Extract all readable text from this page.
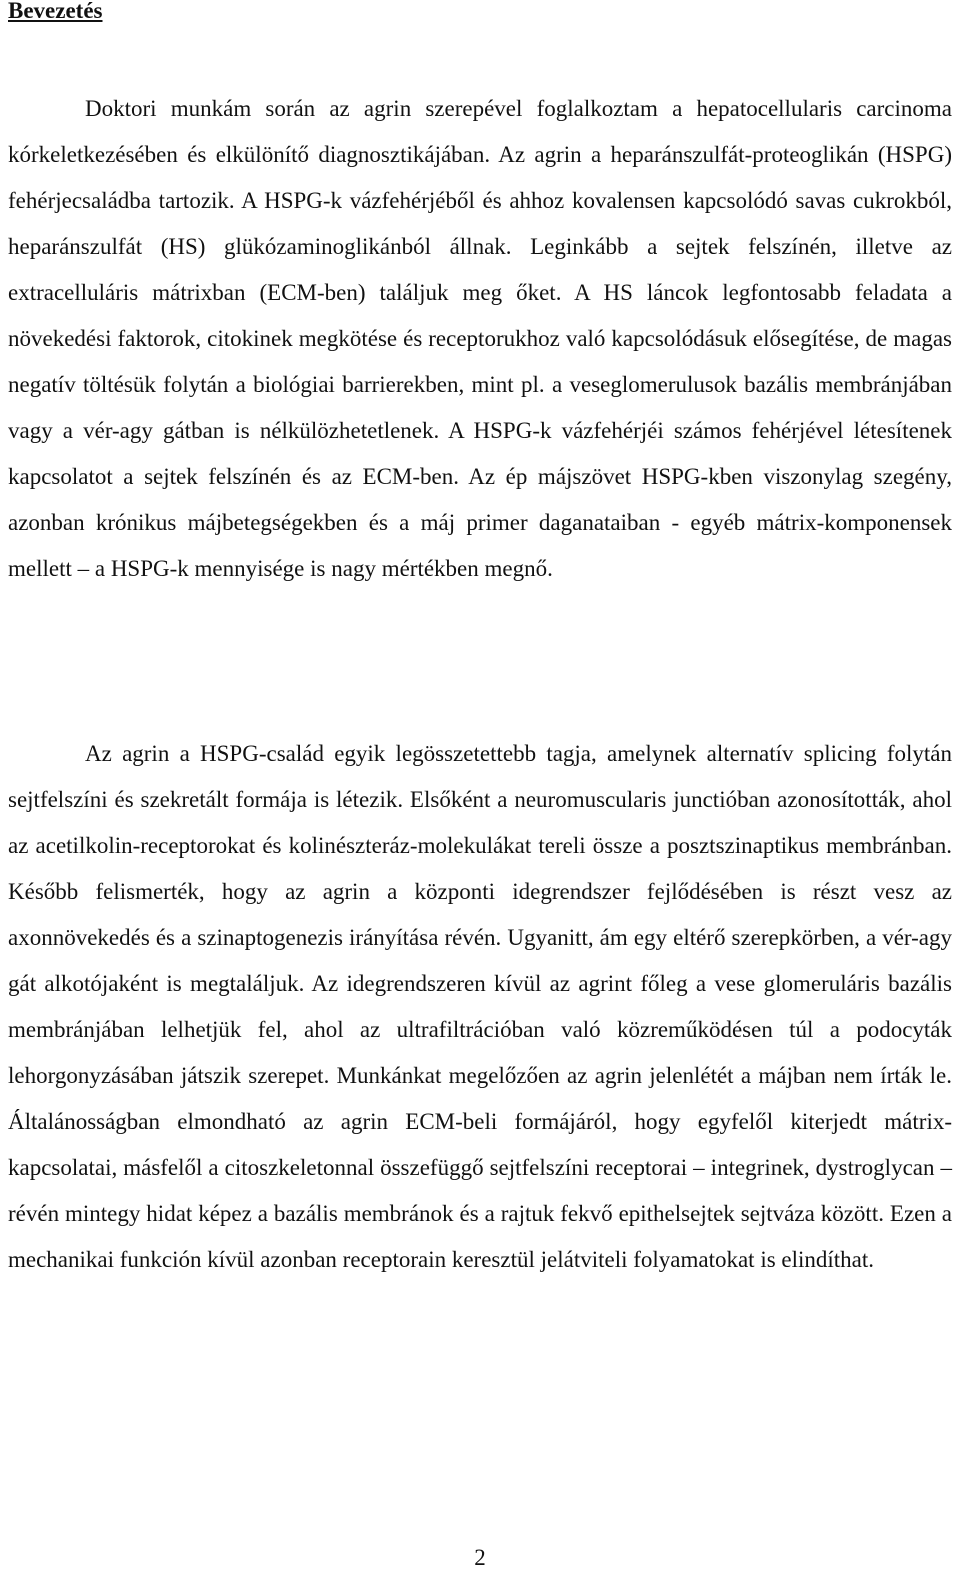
Bevezetés

Doktori munkám során az agrin szerepével foglalkoztam a hepatocellularis carcinoma kórkeletkezésében és elkülönítő diagnosztikájában. Az agrin a heparánszulfát-proteoglikán (HSPG) fehérjecsaládba tartozik. A HSPG-k vázfehérjéből és ahhoz kovalensen kapcsolódó savas cukrokból, heparánszulfát (HS) glükózaminoglikánból állnak. Leginkább a sejtek felszínén, illetve az extracelluláris mátrixban (ECM-ben) találjuk meg őket. A HS láncok legfontosabb feladata a növekedési faktorok, citokinek megkötése és receptorukhoz való kapcsolódásuk elősegítése, de magas negatív töltésük folytán a biológiai barrierekben, mint pl. a veseglomerulusok bazális membránjában vagy a vér-agy gátban is nélkülözhetetlenek. A HSPG-k vázfehérjéi számos fehérjével létesítenek kapcsolatot a sejtek felszínén és az ECM-ben. Az ép májszövet HSPG-kben viszonylag szegény, azonban krónikus májbetegségekben és a máj primer daganataiban - egyéb mátrix-komponensek mellett – a HSPG-k mennyisége is nagy mértékben megnő.

Az agrin a HSPG-család egyik legösszetettebb tagja, amelynek alternatív splicing folytán sejtfelszíni és szekretált formája is létezik. Elsőként a neuromuscularis junctióban azonosították, ahol az acetilkolin-receptorokat és kolinészteráz-molekulákat tereli össze a posztszinaptikus membránban. Később felismerték, hogy az agrin a központi idegrendszer fejlődésében is részt vesz az axonnövekedés és a szinaptogenezis irányítása révén. Ugyanitt, ám egy eltérő szerepkörben, a vér-agy gát alkotójaként is megtaláljuk. Az idegrendszeren kívül az agrint főleg a vese glomeruláris bazális membránjában lelhetjük fel, ahol az ultrafiltrációban való közreműködésen túl a podocyták lehorgonyzásában játszik szerepet. Munkánkat megelőzően az agrin jelenlétét a májban nem írták le. Általánosságban elmondható az agrin ECM-beli formájáról, hogy egyfelől kiterjedt mátrix-kapcsolatai, másfelől a citoszkeletonnal összefüggő sejtfelszíni receptorai – integrinek, dystroglycan – révén mintegy hidat képez a bazális membránok és a rajtuk fekvő epithelsejtek sejtváza között. Ezen a mechanikai funkción kívül azonban receptorain keresztül jelátviteli folyamatokat is elindíthat.

2
